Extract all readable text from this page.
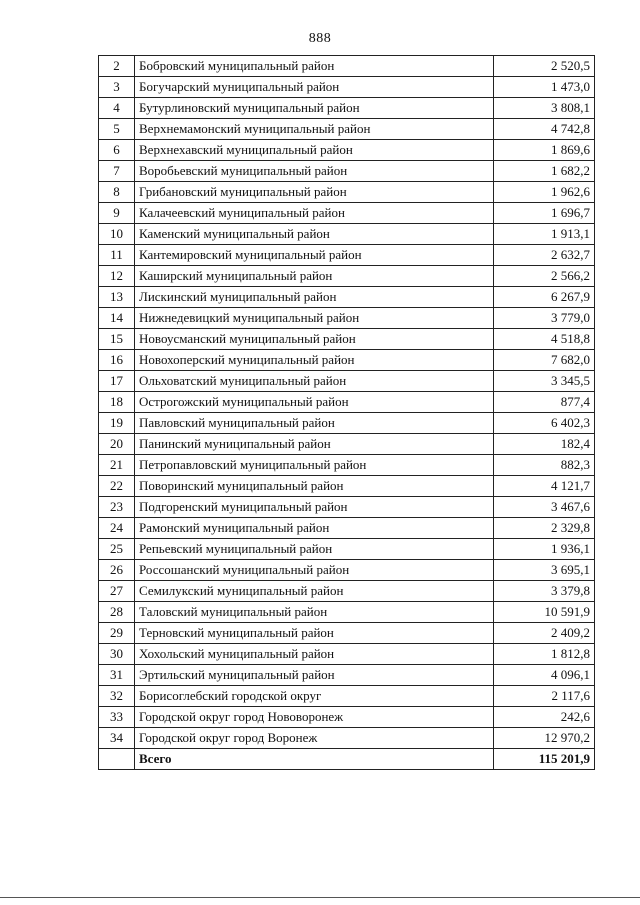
888
2	Бобровский муниципальный район	2 520,5
3	Богучарский муниципальный район	1 473,0
4	Бутурлиновский муниципальный район	3 808,1
5	Верхнемамонский муниципальный район	4 742,8
6	Верхнехавский муниципальный район	1 869,6
7	Воробьевский муниципальный район	1 682,2
8	Грибановский муниципальный район	1 962,6
9	Калачеевский муниципальный район	1 696,7
10	Каменский муниципальный район	1 913,1
11	Кантемировский муниципальный район	2 632,7
12	Каширский муниципальный район	2 566,2
13	Лискинский муниципальный район	6 267,9
14	Нижнедевицкий муниципальный район	3 779,0
15	Новоусманский муниципальный район	4 518,8
16	Новохоперский муниципальный район	7 682,0
17	Ольховатский муниципальный район	3 345,5
18	Острогожский муниципальный район	877,4
19	Павловский муниципальный район	6 402,3
20	Панинский муниципальный район	182,4
21	Петропавловский муниципальный район	882,3
22	Поворинский муниципальный район	4 121,7
23	Подгоренский муниципальный район	3 467,6
24	Рамонский муниципальный район	2 329,8
25	Репьевский муниципальный район	1 936,1
26	Россошанский муниципальный район	3 695,1
27	Семилукский муниципальный район	3 379,8
28	Таловский муниципальный район	10 591,9
29	Терновский муниципальный район	2 409,2
30	Хохольский муниципальный район	1 812,8
31	Эртильский муниципальный район	4 096,1
32	Борисоглебский городской округ	2 117,6
33	Городской округ город Нововоронеж	242,6
34	Городской округ город Воронеж	12 970,2
	Всего	115 201,9
